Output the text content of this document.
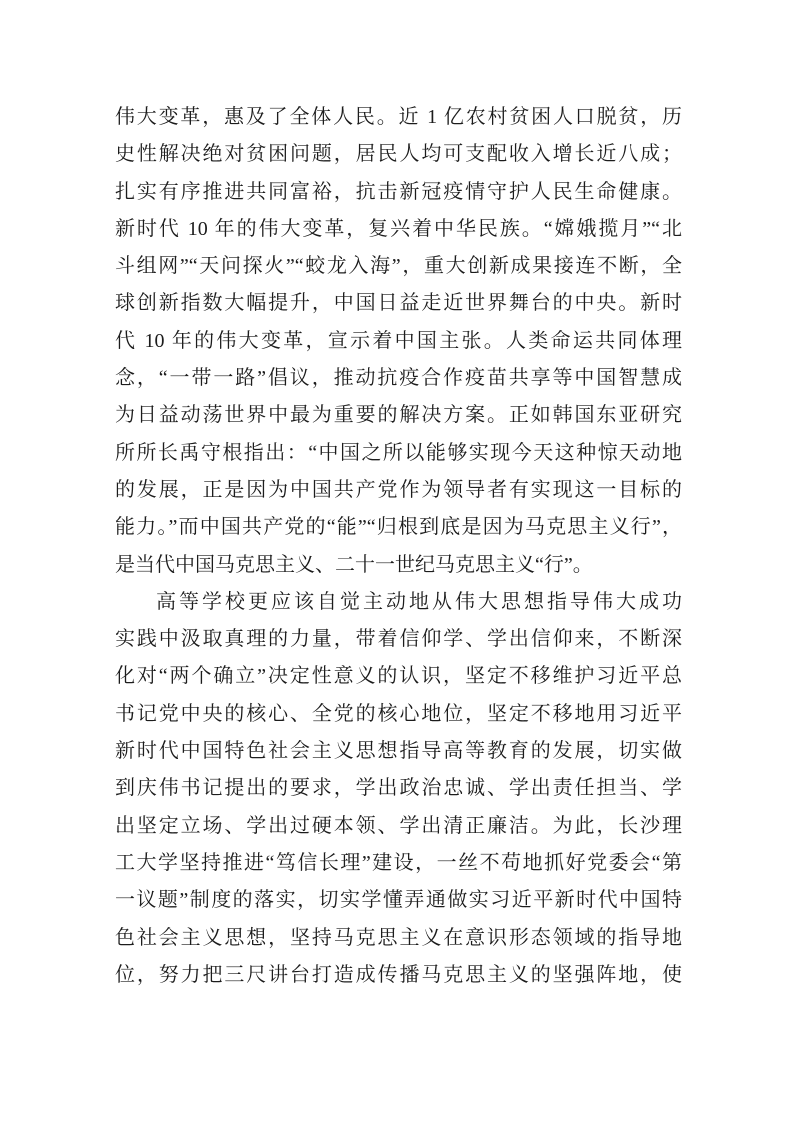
伟大变革，惠及了全体人民。近 1 亿农村贫困人口脱贫，历
史性解决绝对贫困问题，居民人均可支配收入增长近八成；
扎实有序推进共同富裕，抗击新冠疫情守护人民生命健康。
新时代 10 年的伟大变革，复兴着中华民族。“嫦娥揽月”“北
斗组网”“天问探火”“蛟龙入海”，重大创新成果接连不断，全
球创新指数大幅提升，中国日益走近世界舞台的中央。新时
代 10 年的伟大变革，宣示着中国主张。人类命运共同体理
念，“一带一路”倡议，推动抗疫合作疫苗共享等中国智慧成
为日益动荡世界中最为重要的解决方案。正如韩国东亚研究
所所长禹守根指出：“中国之所以能够实现今天这种惊天动地
的发展，正是因为中国共产党作为领导者有实现这一目标的
能力。”而中国共产党的“能”“归根到底是因为马克思主义行”，
是当代中国马克思主义、二十一世纪马克思主义“行”。
高等学校更应该自觉主动地从伟大思想指导伟大成功
实践中汲取真理的力量，带着信仰学、学出信仰来，不断深
化对“两个确立”决定性意义的认识，坚定不移维护习近平总
书记党中央的核心、全党的核心地位，坚定不移地用习近平
新时代中国特色社会主义思想指导高等教育的发展，切实做
到庆伟书记提出的要求，学出政治忠诚、学出责任担当、学
出坚定立场、学出过硬本领、学出清正廉洁。为此，长沙理
工大学坚持推进“笃信长理”建设，一丝不苟地抓好党委会“第
一议题”制度的落实，切实学懂弄通做实习近平新时代中国特
色社会主义思想，坚持马克思主义在意识形态领域的指导地
位，努力把三尺讲台打造成传播马克思主义的坚强阵地，使
